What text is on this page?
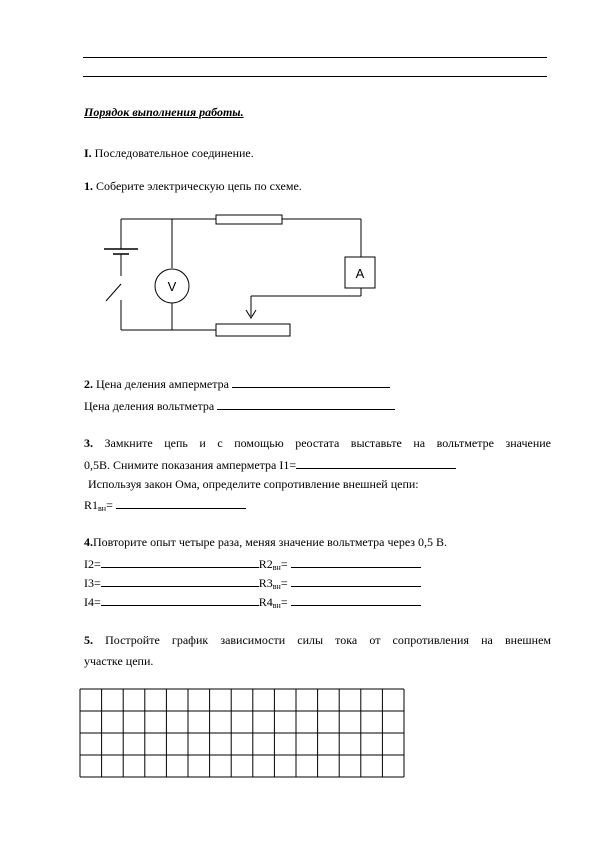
Порядок выполнения работы.
I. Последовательное соединение.
1. Соберите электрическую цепь по схеме.
V
A
2. Цена деления амперметра
Цена деления вольтметра
3. Замкните цепь и с помощью реостата выставьте на вольтметре значение
0,5В. Снимите показания амперметра I1=
Используя закон Ома, определите сопротивление внешней цепи:
$R1_{вн}=$
4.Повторите опыт четыре раза, меняя значение вольтметра через 0,5 В.
I2=	$R2_{вн}=$
I3=	$R3_{вн}=$
I4=	$R4_{вн}=$
5. Постройте график зависимости силы тока от сопротивления на внешнем
участке цепи.
